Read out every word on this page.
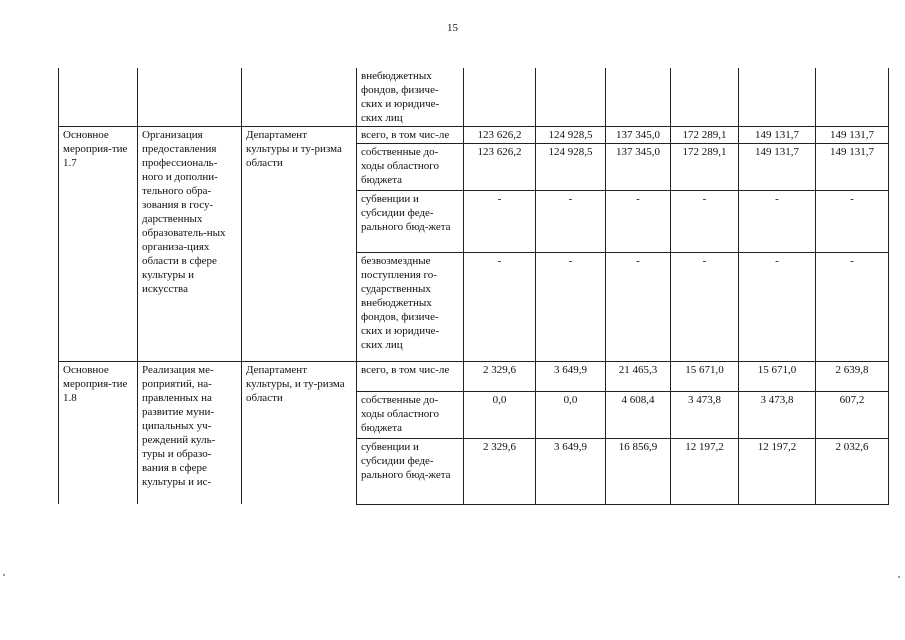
15
			внебюджетных фондов, физиче-ских и юридиче-ских лиц						
Основное мероприя-тие 1.7	Организация предоставления профессиональ-ного и дополни-тельного обра-зования в госу-дарственных образователь-ных организа-циях области в сфере культуры и искусства	Департамент культуры и ту-ризма области	всего, в том чис-ле	123 626,2	124 928,5	137 345,0	172 289,1	149 131,7	149 131,7
			собственные до-ходы областного бюджета	123 626,2	124 928,5	137 345,0	172 289,1	149 131,7	149 131,7
			субвенции и субсидии феде-рального бюд-жета	-	-	-	-	-	-
			безвозмездные поступления го-сударственных внебюджетных фондов, физиче-ских и юридиче-ских лиц	-	-	-	-	-	-
Основное мероприя-тие 1.8	Реализация ме-роприятий, на-правленных на развитие муни-ципальных уч-реждений куль-туры и образо-вания в сфере культуры и ис-	Департамент культуры, и ту-ризма области	всего, в том чис-ле	2 329,6	3 649,9	21 465,3	15 671,0	15 671,0	2 639,8
			собственные до-ходы областного бюджета	0,0	0,0	4 608,4	3 473,8	3 473,8	607,2
			субвенции и субсидии феде-рального бюд-жета	2 329,6	3 649,9	16 856,9	12 197,2	12 197,2	2 032,6
